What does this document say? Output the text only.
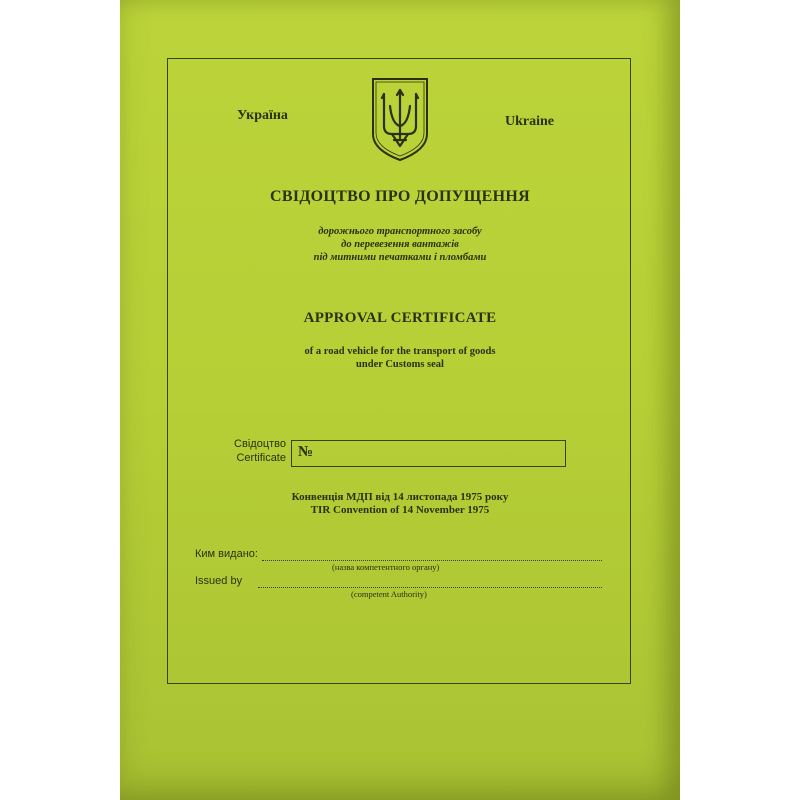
Україна	Ukraine
СВІДОЦТВО ПРО ДОПУЩЕННЯ
дорожнього транспортного засобу
до перевезення вантажів
під митними печатками і пломбами
APPROVAL CERTIFICATE
of a road vehicle for the transport of goods
under Customs seal
Свідоцтво
Certificate №
Конвенція МДП від 14 листопада 1975 року
TIR Convention of 14 November 1975
Ким видано:
(назва компетентного органу)
Issued by
(competent Authority)
